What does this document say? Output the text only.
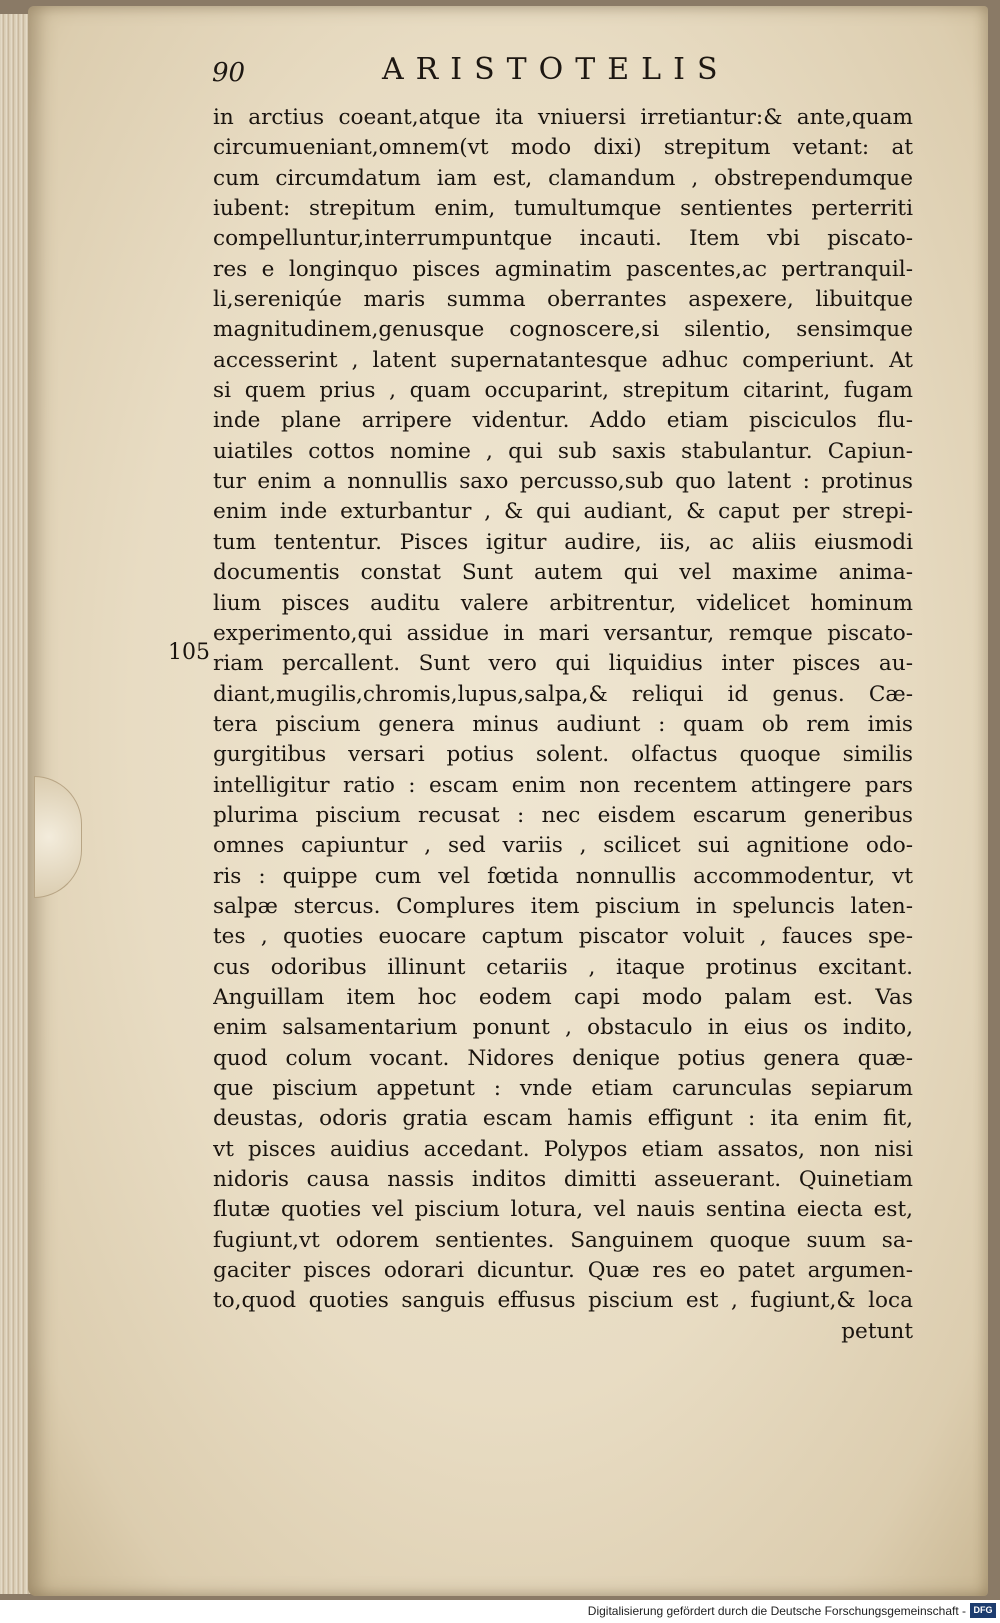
90	ARISTOTELIS
105
in arctius coeant,atque ita vniuersi irretiantur:& ante,quam
circumueniant,omnem(vt modo dixi) strepitum vetant: at
cum circumdatum iam est, clamandum , obstrependumque
iubent: strepitum enim, tumultumque sentientes perterriti
compelluntur,interrumpuntque incauti. Item vbi piscato-
res e longinquo pisces agminatim pascentes,ac pertranquil-
li,sereniqúe maris summa oberrantes aspexere, libuitque
magnitudinem,genusque cognoscere,si silentio, sensimque
accesserint , latent supernatantesque adhuc comperiunt. At
si quem prius , quam occuparint, strepitum citarint, fugam
inde plane arripere videntur. Addo etiam pisciculos flu-
uiatiles cottos nomine , qui sub saxis stabulantur. Capiun-
tur enim a nonnullis saxo percusso,sub quo latent : protinus
enim inde exturbantur , & qui audiant, & caput per strepi-
tum tententur. Pisces igitur audire, iis, ac aliis eiusmodi
documentis constat Sunt autem qui vel maxime anima-
lium pisces auditu valere arbitrentur, videlicet hominum
experimento,qui assidue in mari versantur, remque piscato-
riam percallent. Sunt vero qui liquidius inter pisces au-
diant,mugilis,chromis,lupus,salpa,& reliqui id genus. Cæ-
tera piscium genera minus audiunt : quam ob rem imis
gurgitibus versari potius solent. olfactus quoque similis
intelligitur ratio : escam enim non recentem attingere pars
plurima piscium recusat : nec eisdem escarum generibus
omnes capiuntur , sed variis , scilicet sui agnitione odo-
ris : quippe cum vel fœtida nonnullis accommodentur, vt
salpæ stercus. Complures item piscium in speluncis laten-
tes , quoties euocare captum piscator voluit , fauces spe-
cus odoribus illinunt cetariis , itaque protinus excitant.
Anguillam item hoc eodem capi modo palam est. Vas
enim salsamentarium ponunt , obstaculo in eius os indito,
quod colum vocant. Nidores denique potius genera quæ-
que piscium appetunt : vnde etiam carunculas sepiarum
deustas, odoris gratia escam hamis effigunt : ita enim fit,
vt pisces auidius accedant. Polypos etiam assatos, non nisi
nidoris causa nassis inditos dimitti asseuerant. Quinetiam
flutæ quoties vel piscium lotura, vel nauis sentina eiecta est,
fugiunt,vt odorem sentientes. Sanguinem quoque suum sa-
gaciter pisces odorari dicuntur. Quæ res eo patet argumen-
to,quod quoties sanguis effusus piscium est , fugiunt,& loca
petunt
Digitalisierung gefördert durch die Deutsche Forschungsgemeinschaft - DFG
